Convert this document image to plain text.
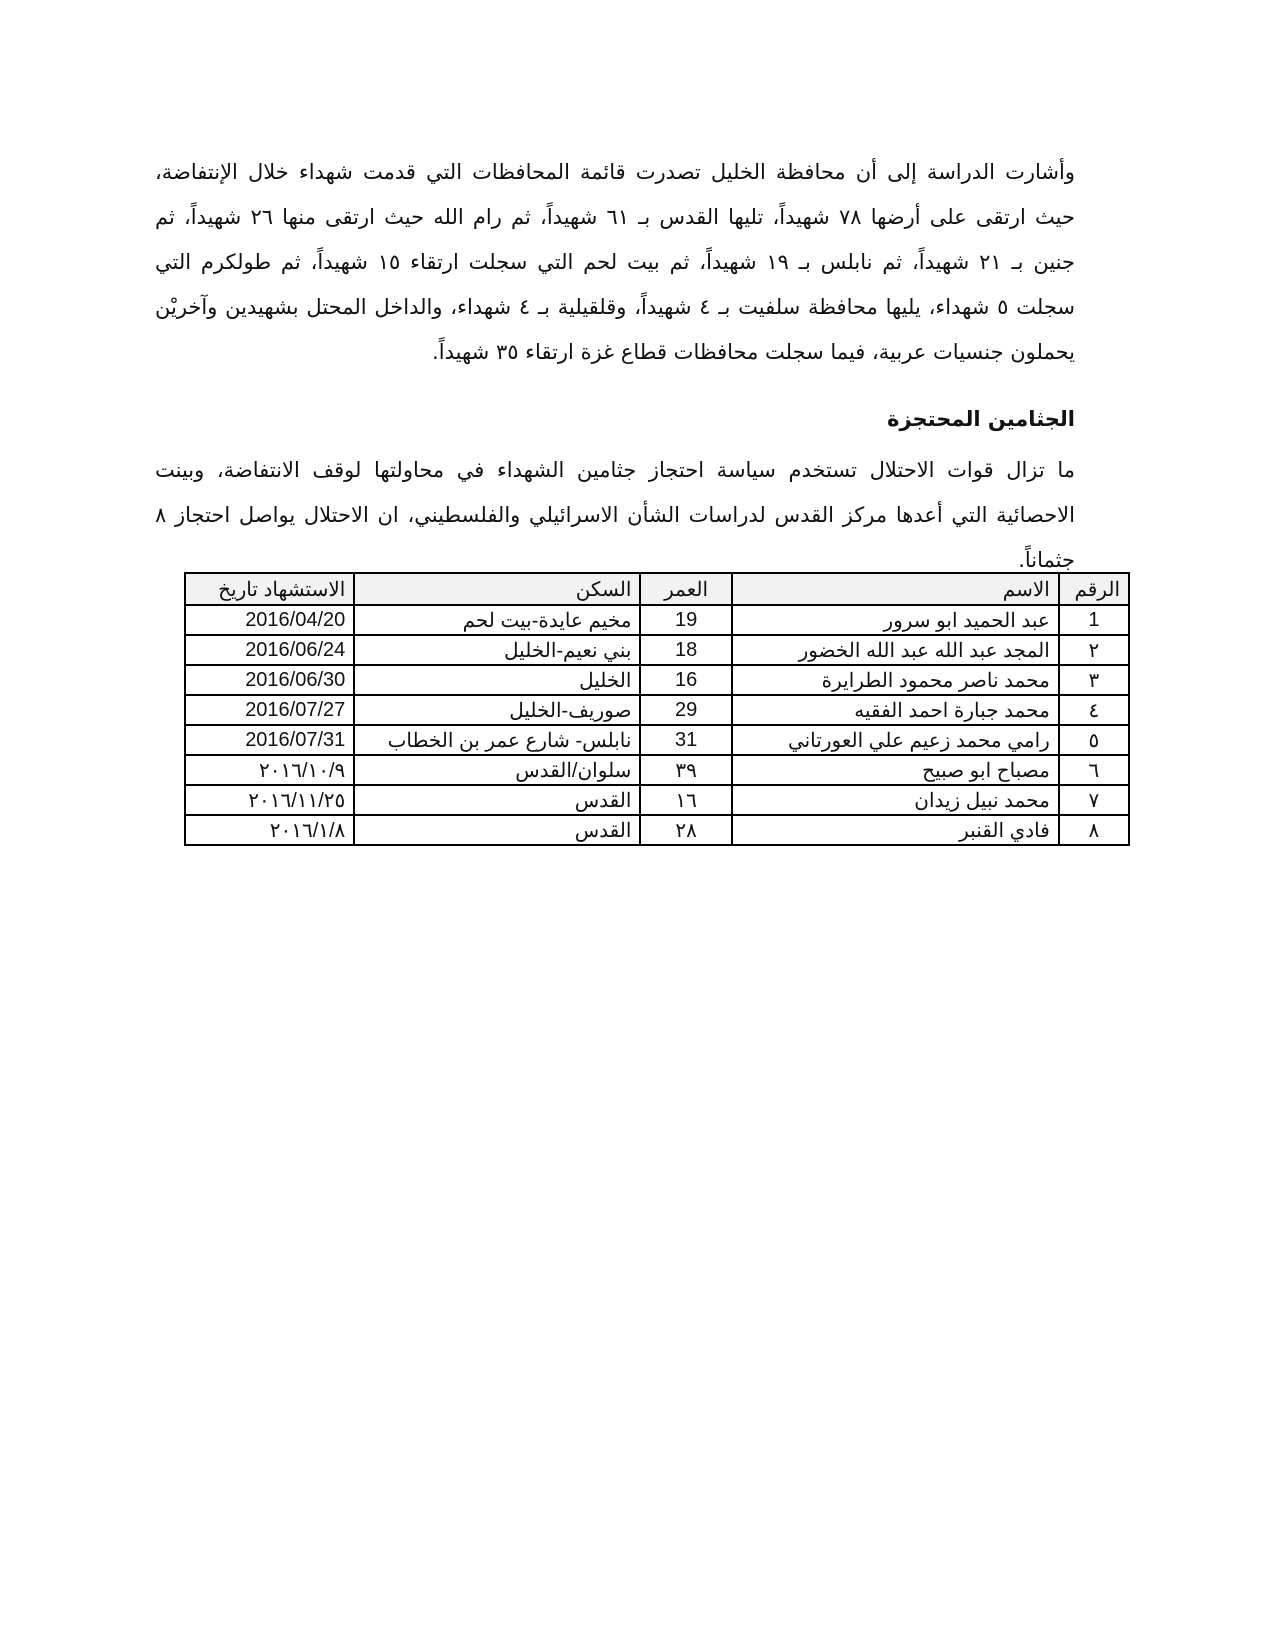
وأشارت الدراسة إلى أن محافظة الخليل تصدرت قائمة المحافظات التي قدمت شهداء خلال الإنتفاضة، حيث ارتقى على أرضها ٧٨ شهيداً، تليها القدس بـ ٦١ شهيداً، ثم رام الله حيث ارتقى منها ٢٦ شهيداً، ثم جنين بـ ٢١ شهيداً، ثم نابلس بـ ١٩ شهيداً، ثم بيت لحم التي سجلت ارتقاء ١٥ شهيداً، ثم طولكرم التي سجلت ٥ شهداء، يليها محافظة سلفيت بـ ٤ شهيداً، وقلقيلية بـ ٤ شهداء، والداخل المحتل بشهيدين وآخريْن يحملون جنسيات عربية، فيما سجلت محافظات قطاع غزة ارتقاء ٣٥ شهيداً.

الجثامين المحتجزة

ما تزال قوات الاحتلال تستخدم سياسة احتجاز جثامين الشهداء في محاولتها لوقف الانتفاضة، وبينت الاحصائية التي أعدها مركز القدس لدراسات الشأن الاسرائيلي والفلسطيني، ان الاحتلال يواصل احتجاز ٨ جثماناً.

الرقم	الاسم	العمر	السكن	الاستشهاد تاريخ
1	عبد الحميد ابو سرور	19	مخيم عايدة-بيت لحم	2016/04/20
٢	المجد عبد الله عبد الله الخضور	18	بني نعيم-الخليل	2016/06/24
٣	محمد ناصر محمود الطرايرة	16	الخليل	2016/06/30
٤	محمد جبارة احمد الفقيه	29	صوريف-الخليل	2016/07/27
٥	رامي محمد زعيم علي العورتاني	31	نابلس- شارع عمر بن الخطاب	2016/07/31
٦	مصباح ابو صبيح	٣٩	سلوان/القدس	٢٠١٦/١٠/٩
٧	محمد نبيل زيدان	١٦	القدس	٢٠١٦/١١/٢٥
٨	فادي القنبر	٢٨	القدس	٢٠١٦/١/٨
